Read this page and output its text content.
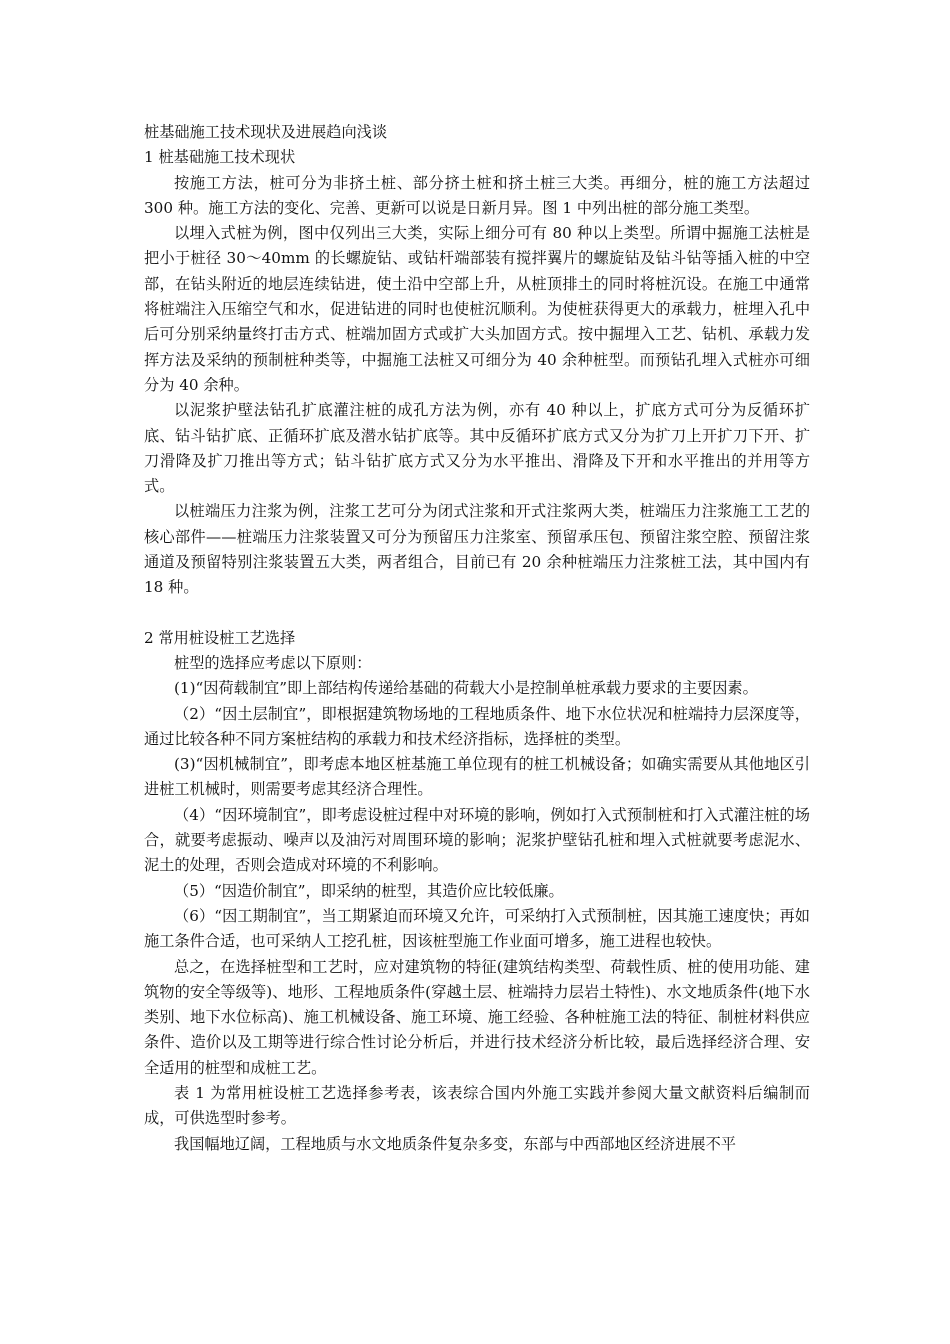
桩基础施工技术现状及进展趋向浅谈

1 桩基础施工技术现状

按施工方法，桩可分为非挤土桩、部分挤土桩和挤土桩三大类。再细分，桩的施工方法超过 300 种。施工方法的变化、完善、更新可以说是日新月异。图 1 中列出桩的部分施工类型。

以埋入式桩为例，图中仅列出三大类，实际上细分可有 80 种以上类型。所谓中掘施工法桩是把小于桩径 30～40mm 的长螺旋钻、或钻杆端部装有搅拌翼片的螺旋钻及钻斗钻等插入桩的中空部，在钻头附近的地层连续钻进，使土沿中空部上升，从桩顶排土的同时将桩沉设。在施工中通常将桩端注入压缩空气和水，促进钻进的同时也使桩沉顺利。为使桩获得更大的承载力，桩埋入孔中后可分别采纳量终打击方式、桩端加固方式或扩大头加固方式。按中掘埋入工艺、钻机、承载力发挥方法及采纳的预制桩种类等，中掘施工法桩又可细分为 40 余种桩型。而预钻孔埋入式桩亦可细分为 40 余种。

以泥浆护壁法钻孔扩底灌注桩的成孔方法为例，亦有 40 种以上，扩底方式可分为反循环扩底、钻斗钻扩底、正循环扩底及潜水钻扩底等。其中反循环扩底方式又分为扩刀上开扩刀下开、扩刀滑降及扩刀推出等方式；钻斗钻扩底方式又分为水平推出、滑降及下开和水平推出的并用等方式。

以桩端压力注浆为例，注浆工艺可分为闭式注浆和开式注浆两大类，桩端压力注浆施工工艺的核心部件——桩端压力注浆装置又可分为预留压力注浆室、预留承压包、预留注浆空腔、预留注浆通道及预留特别注浆装置五大类，两者组合，目前已有 20 余种桩端压力注浆桩工法，其中国内有 18 种。

2 常用桩设桩工艺选择

桩型的选择应考虑以下原则：

(1)“因荷载制宜”即上部结构传递给基础的荷载大小是控制单桩承载力要求的主要因素。

（2）“因土层制宜”，即根据建筑物场地的工程地质条件、地下水位状况和桩端持力层深度等，通过比较各种不同方案桩结构的承载力和技术经济指标，选择桩的类型。

(3)“因机械制宜”，即考虑本地区桩基施工单位现有的桩工机械设备；如确实需要从其他地区引进桩工机械时，则需要考虑其经济合理性。

（4）“因环境制宜”，即考虑设桩过程中对环境的影响，例如打入式预制桩和打入式灌注桩的场合，就要考虑振动、噪声以及油污对周围环境的影响；泥浆护壁钻孔桩和埋入式桩就要考虑泥水、泥土的处理，否则会造成对环境的不利影响。

（5）“因造价制宜”，即采纳的桩型，其造价应比较低廉。

（6）“因工期制宜”，当工期紧迫而环境又允许，可采纳打入式预制桩，因其施工速度快；再如施工条件合适，也可采纳人工挖孔桩，因该桩型施工作业面可增多，施工进程也较快。

总之，在选择桩型和工艺时，应对建筑物的特征(建筑结构类型、荷载性质、桩的使用功能、建筑物的安全等级等)、地形、工程地质条件(穿越土层、桩端持力层岩土特性)、水文地质条件(地下水类别、地下水位标高)、施工机械设备、施工环境、施工经验、各种桩施工法的特征、制桩材料供应条件、造价以及工期等进行综合性讨论分析后，并进行技术经济分析比较，最后选择经济合理、安全适用的桩型和成桩工艺。

表 1 为常用桩设桩工艺选择参考表，该表综合国内外施工实践并参阅大量文献资料后编制而成，可供选型时参考。

我国幅地辽阔，工程地质与水文地质条件复杂多变，东部与中西部地区经济进展不平
